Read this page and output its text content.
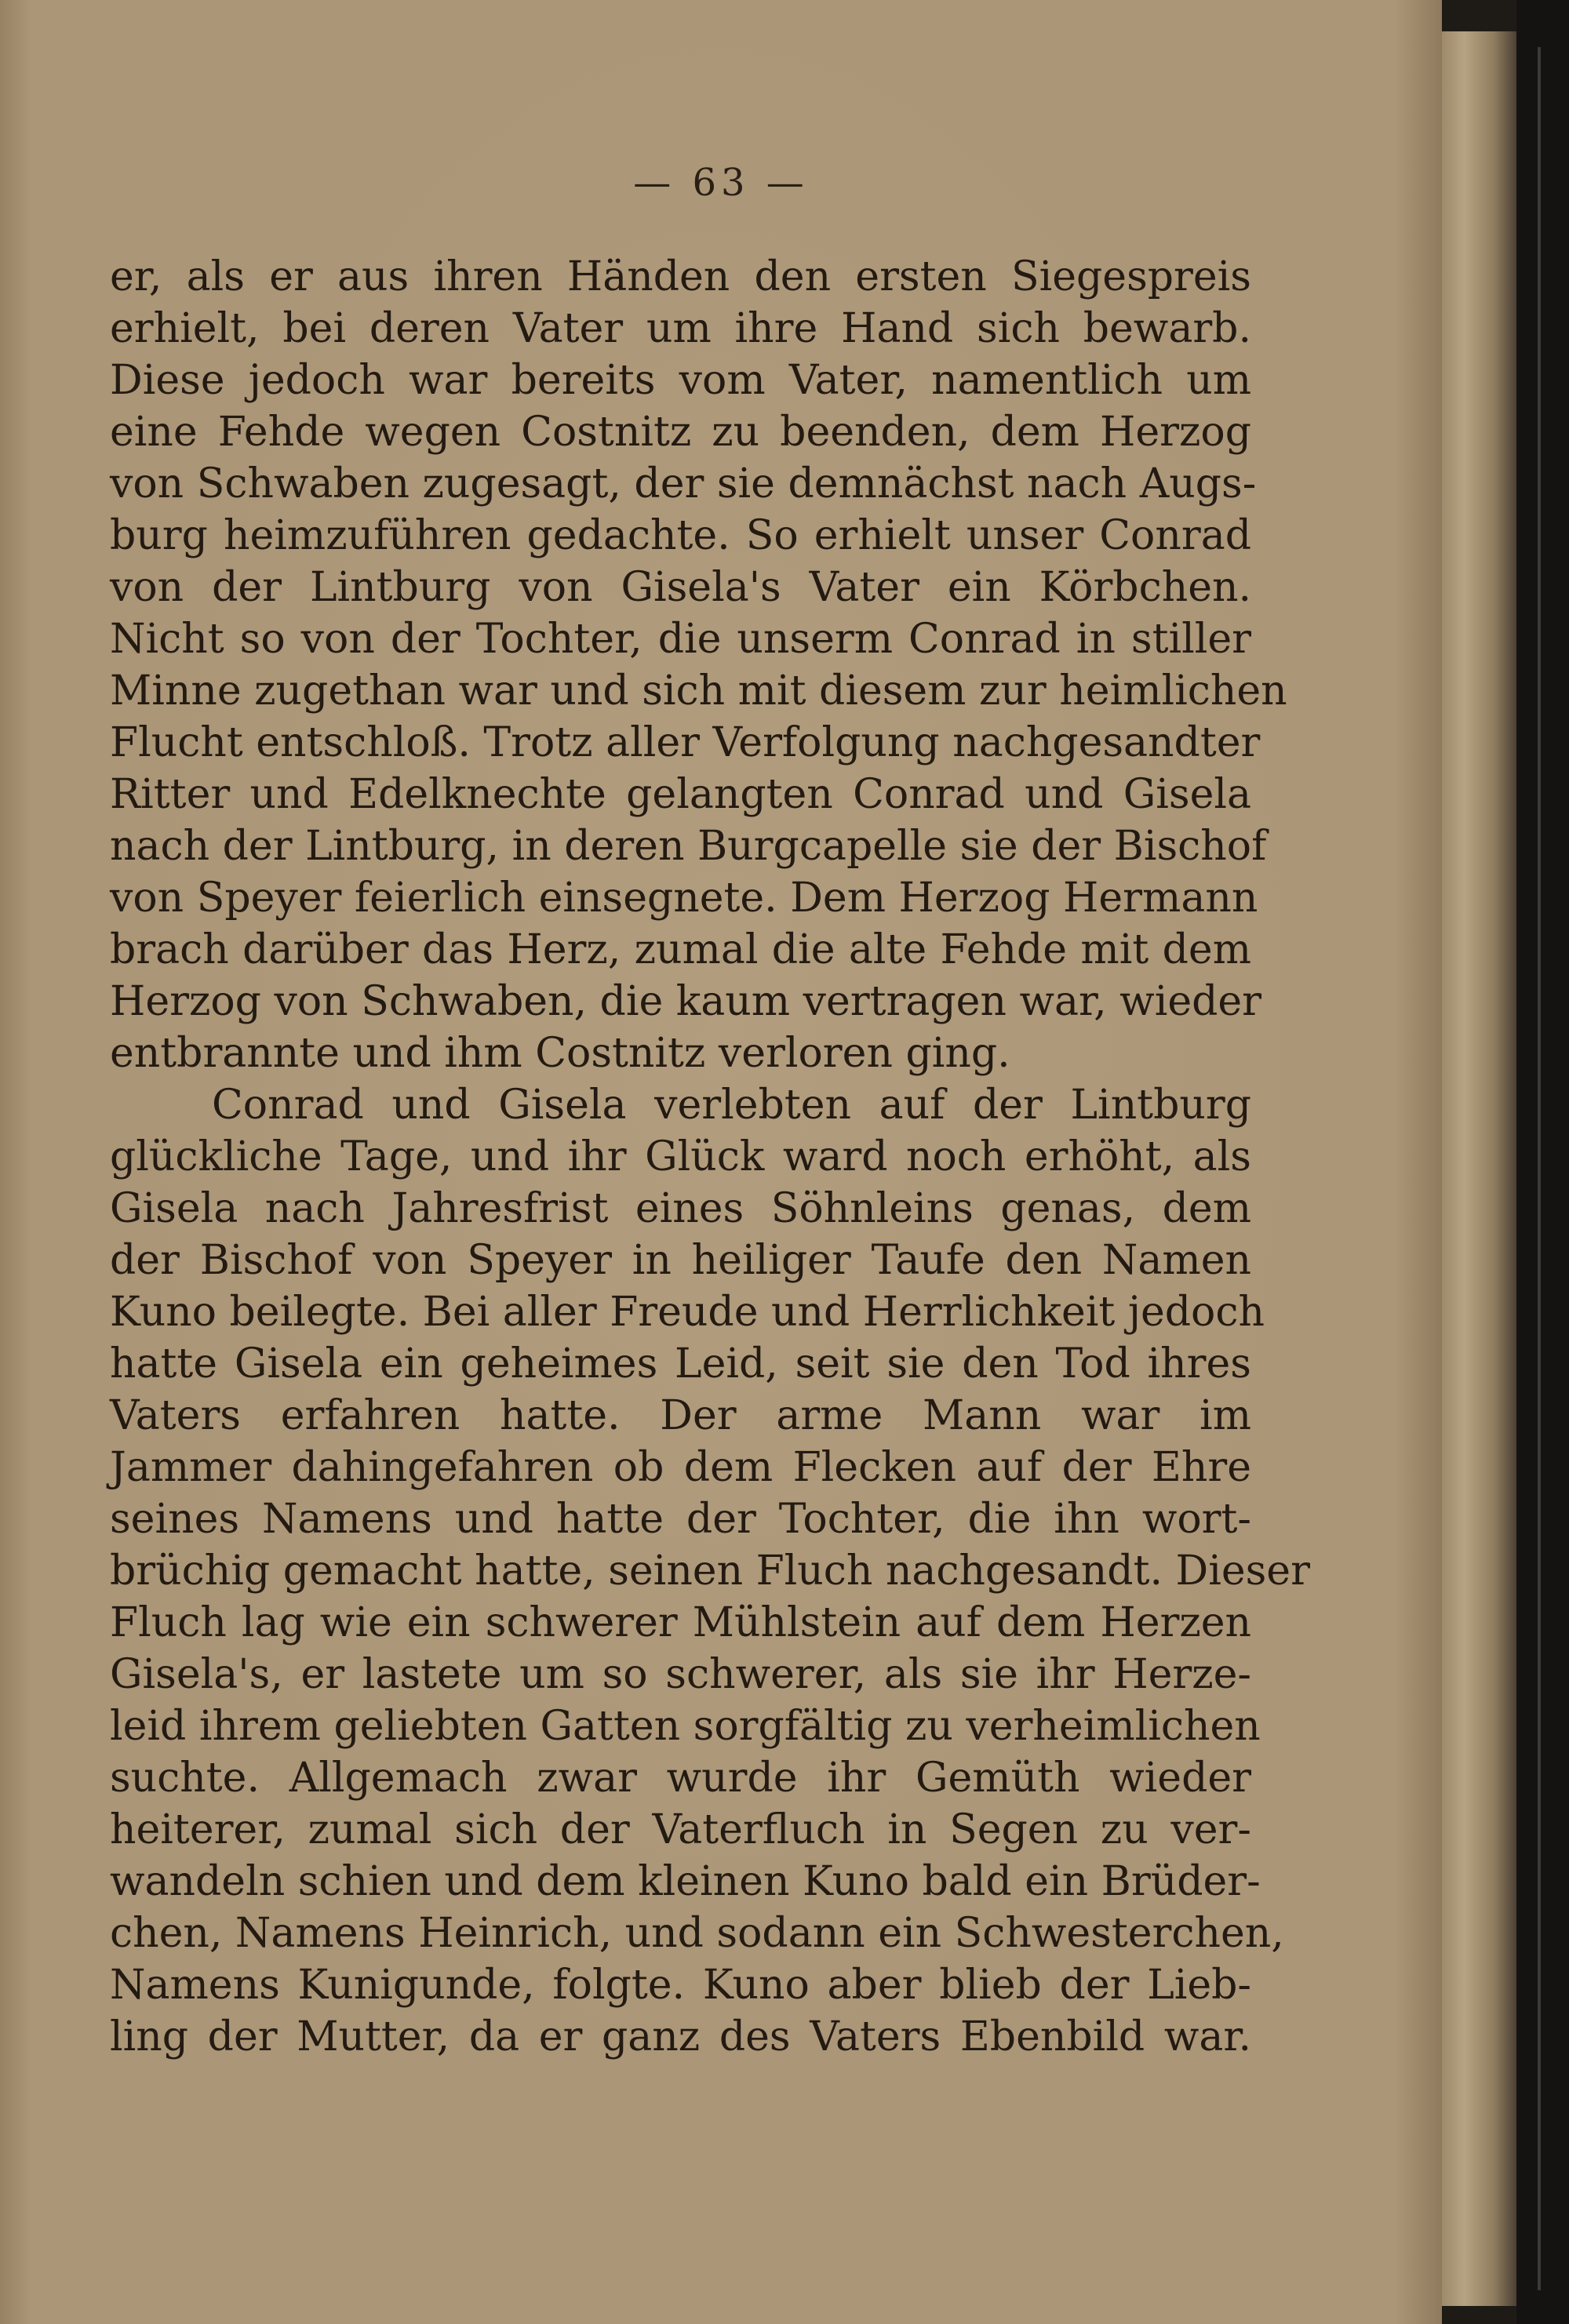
— 63 —
er, als er aus ihren Händen den ersten Siegespreis
erhielt, bei deren Vater um ihre Hand sich bewarb.
Diese jedoch war bereits vom Vater, namentlich um
eine Fehde wegen Costnitz zu beenden, dem Herzog
von Schwaben zugesagt, der sie demnächst nach Augs-
burg heimzuführen gedachte. So erhielt unser Conrad
von der Lintburg von Gisela's Vater ein Körbchen.
Nicht so von der Tochter, die unserm Conrad in stiller
Minne zugethan war und sich mit diesem zur heimlichen
Flucht entschloß. Trotz aller Verfolgung nachgesandter
Ritter und Edelknechte gelangten Conrad und Gisela
nach der Lintburg, in deren Burgcapelle sie der Bischof
von Speyer feierlich einsegnete. Dem Herzog Hermann
brach darüber das Herz, zumal die alte Fehde mit dem
Herzog von Schwaben, die kaum vertragen war, wieder
entbrannte und ihm Costnitz verloren ging.
Conrad und Gisela verlebten auf der Lintburg
glückliche Tage, und ihr Glück ward noch erhöht, als
Gisela nach Jahresfrist eines Söhnleins genas, dem
der Bischof von Speyer in heiliger Taufe den Namen
Kuno beilegte. Bei aller Freude und Herrlichkeit jedoch
hatte Gisela ein geheimes Leid, seit sie den Tod ihres
Vaters erfahren hatte. Der arme Mann war im
Jammer dahingefahren ob dem Flecken auf der Ehre
seines Namens und hatte der Tochter, die ihn wort-
brüchig gemacht hatte, seinen Fluch nachgesandt. Dieser
Fluch lag wie ein schwerer Mühlstein auf dem Herzen
Gisela's, er lastete um so schwerer, als sie ihr Herze-
leid ihrem geliebten Gatten sorgfältig zu verheimlichen
suchte. Allgemach zwar wurde ihr Gemüth wieder
heiterer, zumal sich der Vaterfluch in Segen zu ver-
wandeln schien und dem kleinen Kuno bald ein Brüder-
chen, Namens Heinrich, und sodann ein Schwesterchen,
Namens Kunigunde, folgte. Kuno aber blieb der Lieb-
ling der Mutter, da er ganz des Vaters Ebenbild war.
